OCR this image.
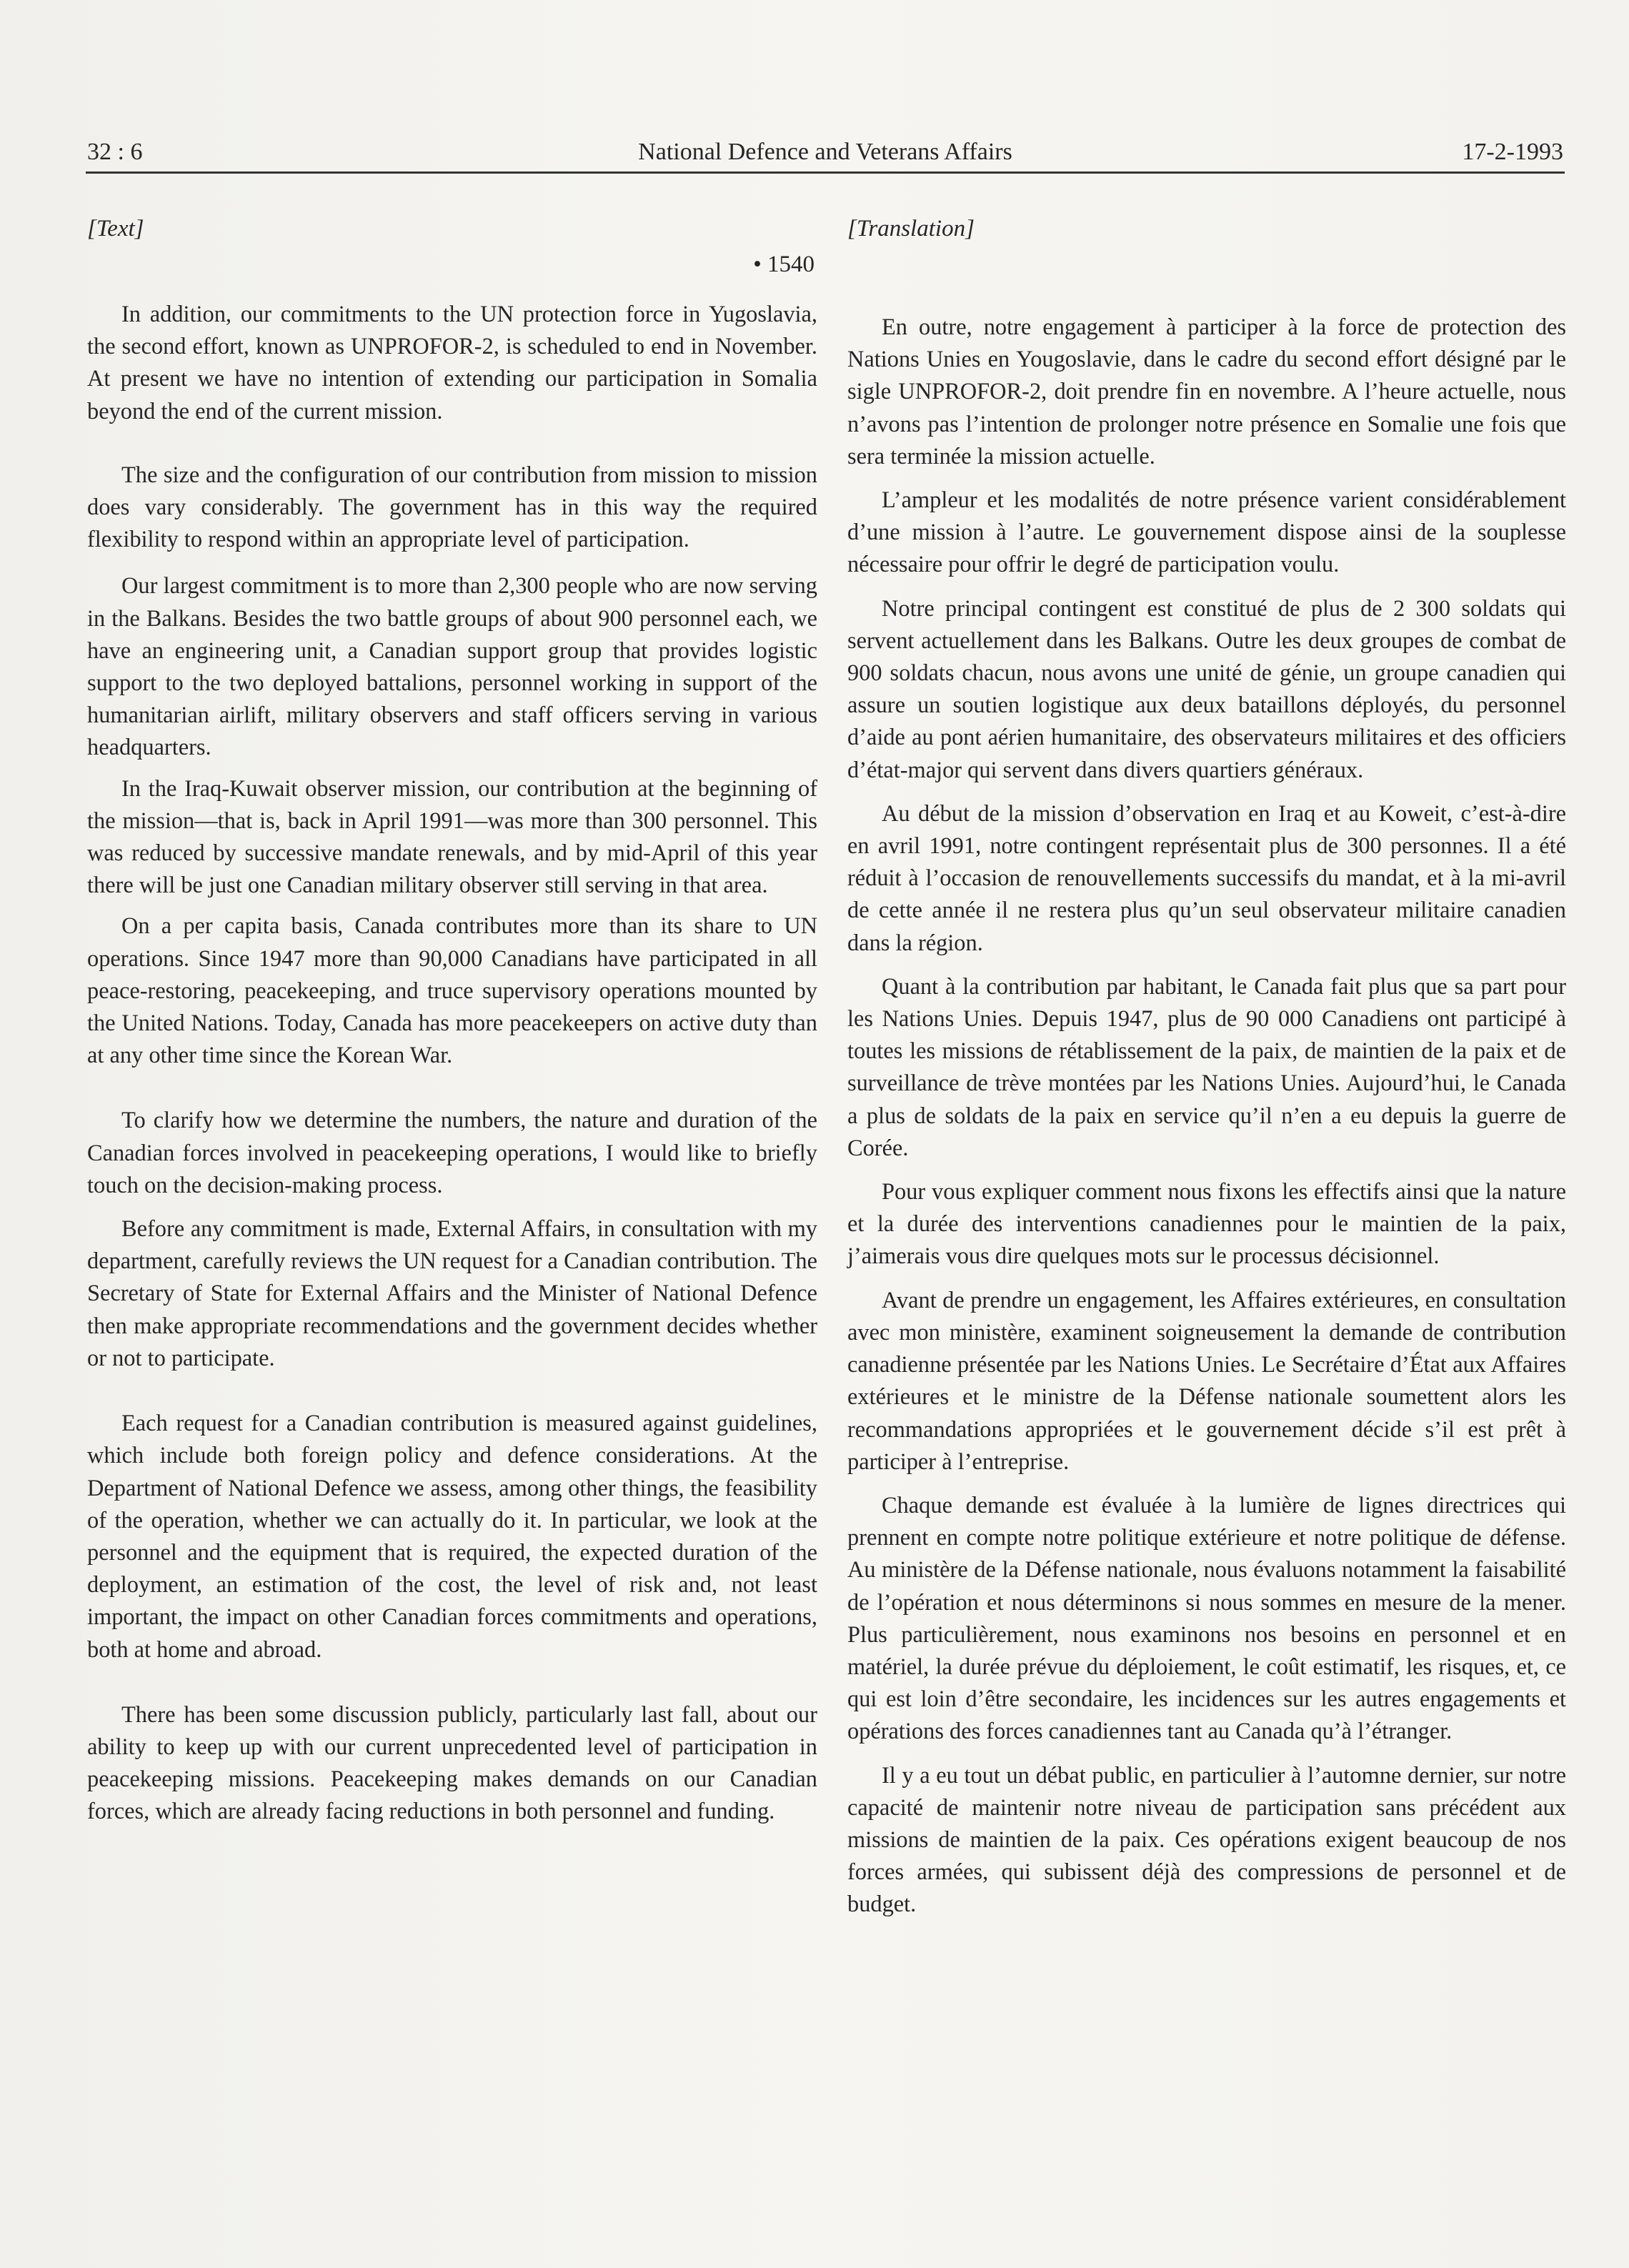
32 : 6	National Defence and Veterans Affairs	17-2-1993
[Text]
• 1540

In addition, our commitments to the UN protection force in Yugoslavia, the second effort, known as UNPROFOR-2, is scheduled to end in November. At present we have no intention of extending our participation in Somalia beyond the end of the current mission.

The size and the configuration of our contribution from mission to mission does vary considerably. The government has in this way the required flexibility to respond within an appropriate level of participation.

Our largest commitment is to more than 2,300 people who are now serving in the Balkans. Besides the two battle groups of about 900 personnel each, we have an engineering unit, a Canadian support group that provides logistic support to the two deployed battalions, personnel working in support of the humanitarian airlift, military observers and staff officers serving in various headquarters.

In the Iraq-Kuwait observer mission, our contribution at the beginning of the mission—that is, back in April 1991—was more than 300 personnel. This was reduced by successive mandate renewals, and by mid-April of this year there will be just one Canadian military observer still serving in that area.

On a per capita basis, Canada contributes more than its share to UN operations. Since 1947 more than 90,000 Canadians have participated in all peace-restoring, peacekeeping, and truce supervisory operations mounted by the United Nations. Today, Canada has more peacekeepers on active duty than at any other time since the Korean War.

To clarify how we determine the numbers, the nature and duration of the Canadian forces involved in peacekeeping operations, I would like to briefly touch on the decision-making process.

Before any commitment is made, External Affairs, in consultation with my department, carefully reviews the UN request for a Canadian contribution. The Secretary of State for External Affairs and the Minister of National Defence then make appropriate recommendations and the government decides whether or not to participate.

Each request for a Canadian contribution is measured against guidelines, which include both foreign policy and defence considerations. At the Department of National Defence we assess, among other things, the feasibility of the operation, whether we can actually do it. In particular, we look at the personnel and the equipment that is required, the expected duration of the deployment, an estimation of the cost, the level of risk and, not least important, the impact on other Canadian forces commitments and operations, both at home and abroad.

There has been some discussion publicly, particularly last fall, about our ability to keep up with our current unprecedented level of participation in peacekeeping missions. Peacekeeping makes demands on our Canadian forces, which are already facing reductions in both personnel and funding.

[Translation]

En outre, notre engagement à participer à la force de protection des Nations Unies en Yougoslavie, dans le cadre du second effort désigné par le sigle UNPROFOR-2, doit prendre fin en novembre. A l’heure actuelle, nous n’avons pas l’intention de prolonger notre présence en Somalie une fois que sera terminée la mission actuelle.

L’ampleur et les modalités de notre présence varient considérablement d’une mission à l’autre. Le gouvernement dispose ainsi de la souplesse nécessaire pour offrir le degré de participation voulu.

Notre principal contingent est constitué de plus de 2 300 soldats qui servent actuellement dans les Balkans. Outre les deux groupes de combat de 900 soldats chacun, nous avons une unité de génie, un groupe canadien qui assure un soutien logistique aux deux bataillons déployés, du personnel d’aide au pont aérien humanitaire, des observateurs militaires et des officiers d’état-major qui servent dans divers quartiers généraux.

Au début de la mission d’observation en Iraq et au Koweit, c’est-à-dire en avril 1991, notre contingent représentait plus de 300 personnes. Il a été réduit à l’occasion de renouvellements successifs du mandat, et à la mi-avril de cette année il ne restera plus qu’un seul observateur militaire canadien dans la région.

Quant à la contribution par habitant, le Canada fait plus que sa part pour les Nations Unies. Depuis 1947, plus de 90 000 Canadiens ont participé à toutes les missions de rétablissement de la paix, de maintien de la paix et de surveillance de trève montées par les Nations Unies. Aujourd’hui, le Canada a plus de soldats de la paix en service qu’il n’en a eu depuis la guerre de Corée.

Pour vous expliquer comment nous fixons les effectifs ainsi que la nature et la durée des interventions canadiennes pour le maintien de la paix, j’aimerais vous dire quelques mots sur le processus décisionnel.

Avant de prendre un engagement, les Affaires extérieures, en consultation avec mon ministère, examinent soigneusement la demande de contribution canadienne présentée par les Nations Unies. Le Secrétaire d’État aux Affaires extérieures et le ministre de la Défense nationale soumettent alors les recommandations appropriées et le gouvernement décide s’il est prêt à participer à l’entreprise.

Chaque demande est évaluée à la lumière de lignes directrices qui prennent en compte notre politique extérieure et notre politique de défense. Au ministère de la Défense nationale, nous évaluons notamment la faisabilité de l’opération et nous déterminons si nous sommes en mesure de la mener. Plus particulièrement, nous examinons nos besoins en personnel et en matériel, la durée prévue du déploiement, le coût estimatif, les risques, et, ce qui est loin d’être secondaire, les incidences sur les autres engagements et opérations des forces canadiennes tant au Canada qu’à l’étranger.

Il y a eu tout un débat public, en particulier à l’automne dernier, sur notre capacité de maintenir notre niveau de participation sans précédent aux missions de maintien de la paix. Ces opérations exigent beaucoup de nos forces armées, qui subissent déjà des compressions de personnel et de budget.
